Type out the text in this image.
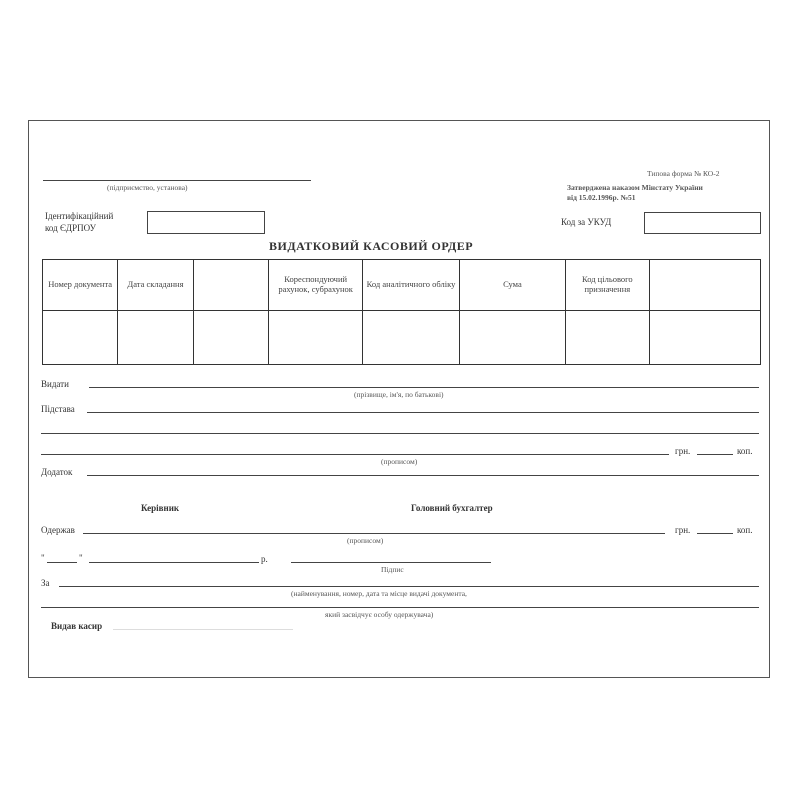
(підприємство, установа)
Типова форма № КО-2
Затверджена наказом Мінстату України
від 15.02.1996р. №51
Ідентифікаційний
код ЄДРПОУ
Код за УКУД
ВИДАТКОВИЙ КАСОВИЙ ОРДЕР
Номер документа	Дата складання		Кореспондуючий рахунок, субрахунок	Код аналітичного обліку	Сума	Код цільового призначення	

Видати
(прізвище, ім'я, по батькові)
Підстава
грн.	коп.
(прописом)
Додаток
Керівник	Головний бухгалтер
Одержав	грн.	коп.
(прописом)
"	"	р.
Підпис
За
(найменування, номер, дата та місце видачі документа,
який засвідчує особу одержувача)
Видав касир
